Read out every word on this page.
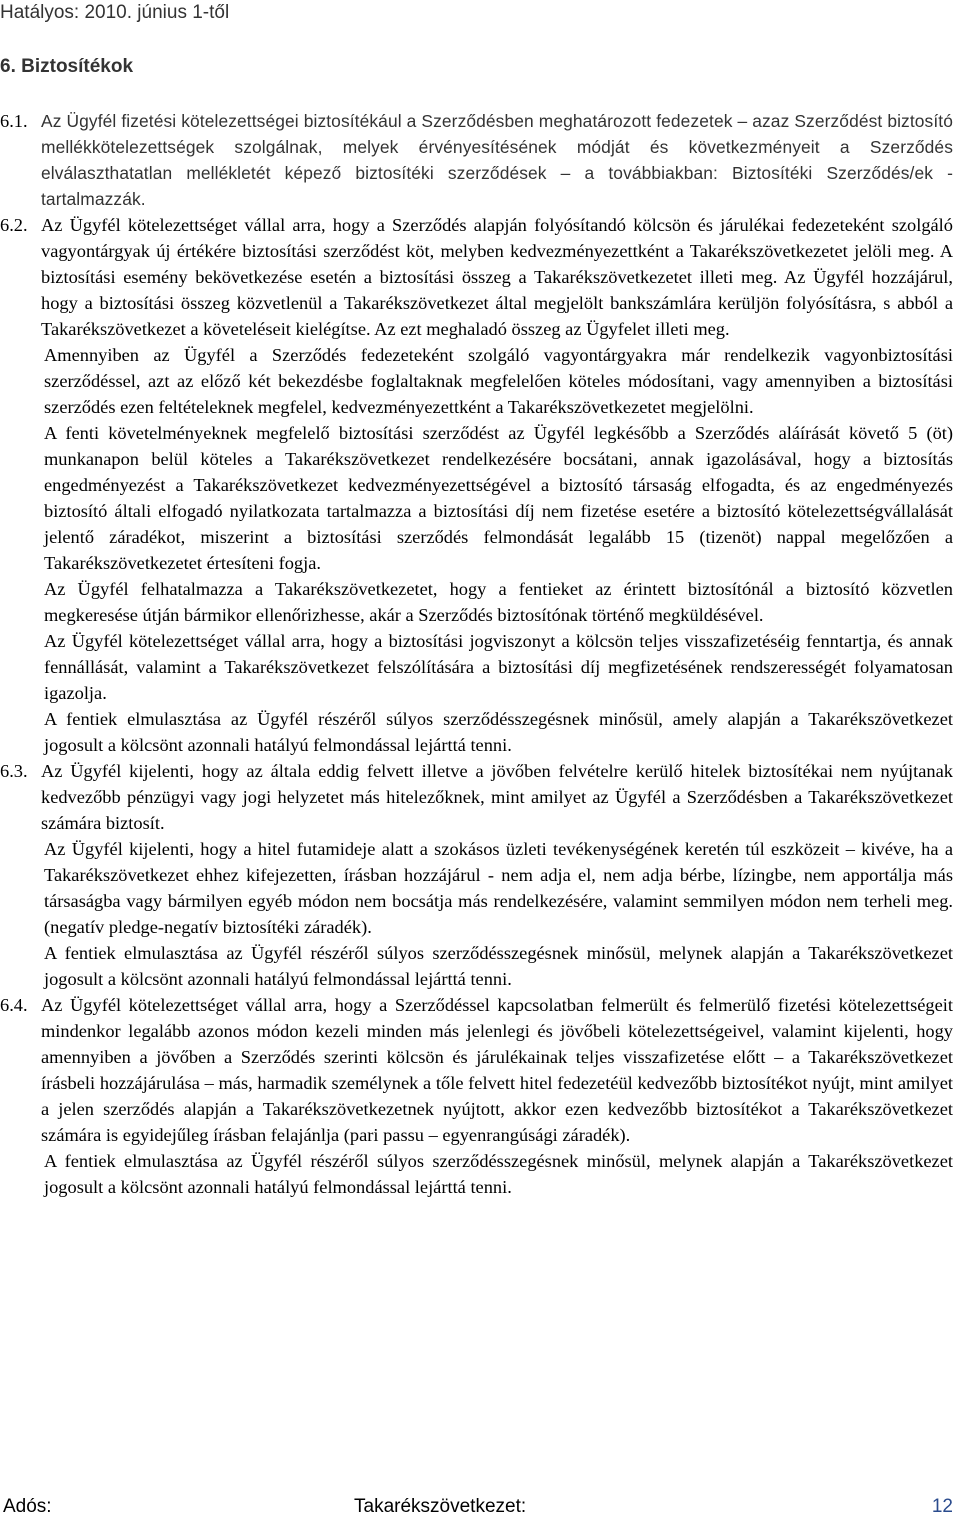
Hatályos: 2010. június 1-től
6. Biztosítékok
6.1. Az Ügyfél fizetési kötelezettségei biztosítékául a Szerződésben meghatározott fedezetek – azaz Szerződést biztosító mellékkötelezettségek szolgálnak, melyek érvényesítésének módját és következményeit a Szerződés elválaszthatatlan mellékletét képező biztosítéki szerződések – a továbbiakban: Biztosítéki Szerződés/ek - tartalmazzák.

6.2. Az Ügyfél kötelezettséget vállal arra, hogy a Szerződés alapján folyósítandó kölcsön és járulékai fedezeteként szolgáló vagyontárgyak új értékére biztosítási szerződést köt, melyben kedvezményezettként a Takarékszövetkezetet jelöli meg. A biztosítási esemény bekövetkezése esetén a biztosítási összeg a Takarékszövetkezetet illeti meg. Az Ügyfél hozzájárul, hogy a biztosítási összeg közvetlenül a Takarékszövetkezet által megjelölt bankszámlára kerüljön folyósításra, s abból a Takarékszövetkezet a követeléseit kielégítse. Az ezt meghaladó összeg az Ügyfelet illeti meg.

Amennyiben az Ügyfél a Szerződés fedezeteként szolgáló vagyontárgyakra már rendelkezik vagyonbiztosítási szerződéssel, azt az előző két bekezdésbe foglaltaknak megfelelően köteles módosítani, vagy amennyiben a biztosítási szerződés ezen feltételeknek megfelel, kedvezményezettként a Takarékszövetkezetet megjelölni.

A fenti követelményeknek megfelelő biztosítási szerződést az Ügyfél legkésőbb a Szerződés aláírását követő 5 (öt) munkanapon belül köteles a Takarékszövetkezet rendelkezésére bocsátani, annak igazolásával, hogy a biztosítás engedményezést a Takarékszövetkezet kedvezményezettségével a biztosító társaság elfogadta, és az engedményezés biztosító általi elfogadó nyilatkozata tartalmazza a biztosítási díj nem fizetése esetére a biztosító kötelezettségvállalását jelentő záradékot, miszerint a biztosítási szerződés felmondását legalább 15 (tizenöt) nappal megelőzően a Takarékszövetkezetet értesíteni fogja.

Az Ügyfél felhatalmazza a Takarékszövetkezetet, hogy a fentieket az érintett biztosítónál a biztosító közvetlen megkeresése útján bármikor ellenőrizhesse, akár a Szerződés biztosítónak történő megküldésével.

Az Ügyfél kötelezettséget vállal arra, hogy a biztosítási jogviszonyt a kölcsön teljes visszafizetéséig fenntartja, és annak fennállását, valamint a Takarékszövetkezet felszólítására a biztosítási díj megfizetésének rendszerességét folyamatosan igazolja.

A fentiek elmulasztása az Ügyfél részéről súlyos szerződésszegésnek minősül, amely alapján a Takarékszövetkezet jogosult a kölcsönt azonnali hatályú felmondással lejárttá tenni.

6.3. Az Ügyfél kijelenti, hogy az általa eddig felvett illetve a jövőben felvételre kerülő hitelek biztosítékai nem nyújtanak kedvezőbb pénzügyi vagy jogi helyzetet más hitelezőknek, mint amilyet az Ügyfél a Szerződésben a Takarékszövetkezet számára biztosít.

Az Ügyfél kijelenti, hogy a hitel futamideje alatt a szokásos üzleti tevékenységének keretén túl eszközeit – kivéve, ha a Takarékszövetkezet ehhez kifejezetten, írásban hozzájárul - nem adja el, nem adja bérbe, lízingbe, nem apportálja más társaságba vagy bármilyen egyéb módon nem bocsátja más rendelkezésére, valamint semmilyen módon nem terheli meg. (negatív pledge-negatív biztosítéki záradék).

A fentiek elmulasztása az Ügyfél részéről súlyos szerződésszegésnek minősül, melynek alapján a Takarékszövetkezet jogosult a kölcsönt azonnali hatályú felmondással lejárttá tenni.

6.4. Az Ügyfél kötelezettséget vállal arra, hogy a Szerződéssel kapcsolatban felmerült és felmerülő fizetési kötelezettségeit mindenkor legalább azonos módon kezeli minden más jelenlegi és jövőbeli kötelezettségeivel, valamint kijelenti, hogy amennyiben a jövőben a Szerződés szerinti kölcsön és járulékainak teljes visszafizetése előtt – a Takarékszövetkezet írásbeli hozzájárulása – más, harmadik személynek a tőle felvett hitel fedezetéül kedvezőbb biztosítékot nyújt, mint amilyet a jelen szerződés alapján a Takarékszövetkezetnek nyújtott, akkor ezen kedvezőbb biztosítékot a Takarékszövetkezet számára is egyidejűleg írásban felajánlja (pari passu – egyenrangúsági záradék).

A fentiek elmulasztása az Ügyfél részéről súlyos szerződésszegésnek minősül, melynek alapján a Takarékszövetkezet jogosult a kölcsönt azonnali hatályú felmondással lejárttá tenni.

Adós:	Takarékszövetkezet:	12
